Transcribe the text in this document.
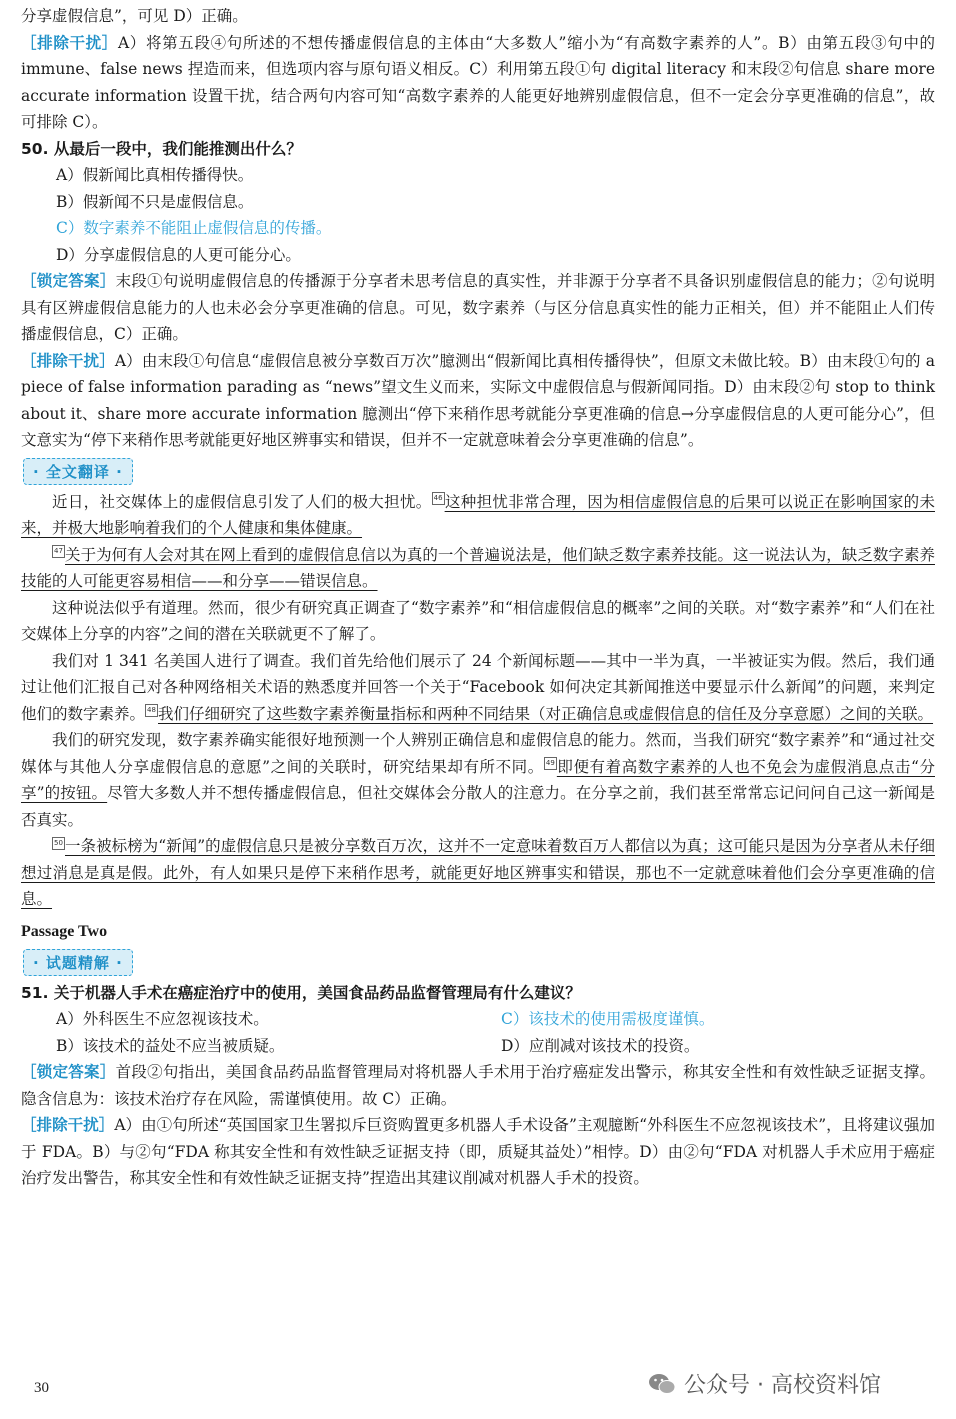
分享虚假信息”，可见 D）正确。

［排除干扰］A）将第五段④句所述的不想传播虚假信息的主体由“大多数人”缩小为“有高数字素养的人”。B）由第五段③句中的 immune、false news 捏造而来，但选项内容与原句语义相反。C）利用第五段①句 digital literacy 和末段②句信息 share more accurate information 设置干扰，结合两句内容可知“高数字素养的人能更好地辨别虚假信息，但不一定会分享更准确的信息”，故可排除 C）。

50. 从最后一段中，我们能推测出什么？
A）假新闻比真相传播得快。
B）假新闻不只是虚假信息。
C）数字素养不能阻止虚假信息的传播。
D）分享虚假信息的人更可能分心。

［锁定答案］末段①句说明虚假信息的传播源于分享者未思考信息的真实性，并非源于分享者不具备识别虚假信息的能力；②句说明具有区辨虚假信息能力的人也未必会分享更准确的信息。可见，数字素养（与区分信息真实性的能力正相关，但）并不能阻止人们传播虚假信息，C）正确。

［排除干扰］A）由末段①句信息“虚假信息被分享数百万次”臆测出“假新闻比真相传播得快”，但原文未做比较。B）由末段①句的 a piece of false information parading as “news”望文生义而来，实际文中虚假信息与假新闻同指。D）由末段②句 stop to think about it、share more accurate information 臆测出“停下来稍作思考就能分享更准确的信息→分享虚假信息的人更可能分心”，但文意实为“停下来稍作思考就能更好地区辨事实和错误，但并不一定就意味着会分享更准确的信息”。

· 全文翻译 ·

近日，社交媒体上的虚假信息引发了人们的极大担忧。 46 这种担忧非常合理，因为相信虚假信息的后果可以说正在影响国家的未来，并极大地影响着我们的个人健康和集体健康。

47 关于为何有人会对其在网上看到的虚假信息信以为真的一个普遍说法是，他们缺乏数字素养技能。这一说法认为，缺乏数字素养技能的人可能更容易相信——和分享——错误信息。

这种说法似乎有道理。然而，很少有研究真正调查了“数字素养”和“相信虚假信息的概率”之间的关联。对“数字素养”和“人们在社交媒体上分享的内容”之间的潜在关联就更不了解了。

我们对 1 341 名美国人进行了调查。我们首先给他们展示了 24 个新闻标题——其中一半为真，一半被证实为假。然后，我们通过让他们汇报自己对各种网络相关术语的熟悉度并回答一个关于“Facebook 如何决定其新闻推送中要显示什么新闻”的问题，来判定他们的数字素养。 48 我们仔细研究了这些数字素养衡量指标和两种不同结果（对正确信息或虚假信息的信任及分享意愿）之间的关联。

我们的研究发现，数字素养确实能很好地预测一个人辨别正确信息和虚假信息的能力。然而，当我们研究“数字素养”和“通过社交媒体与其他人分享虚假信息的意愿”之间的关联时，研究结果却有所不同。 49 即便有着高数字素养的人也不免会为虚假消息点击“分享”的按钮。尽管大多数人并不想传播虚假信息，但社交媒体会分散人的注意力。在分享之前，我们甚至常常忘记问问自己这一新闻是否真实。

50 一条被标榜为“新闻”的虚假信息只是被分享数百万次，这并不一定意味着数百万人都信以为真；这可能只是因为分享者从未仔细想过消息是真是假。此外，有人如果只是停下来稍作思考，就能更好地区辨事实和错误，那也不一定就意味着他们会分享更准确的信息。

Passage Two
· 试题精解 ·
51. 关于机器人手术在癌症治疗中的使用，美国食品药品监督管理局有什么建议？
A）外科医生不应忽视该技术。	C）该技术的使用需极度谨慎。
B）该技术的益处不应当被质疑。	D）应削减对该技术的投资。

［锁定答案］首段②句指出，美国食品药品监督管理局对将机器人手术用于治疗癌症发出警示，称其安全性和有效性缺乏证据支撑。隐含信息为：该技术治疗存在风险，需谨慎使用。故 C）正确。

［排除干扰］A）由①句所述“英国国家卫生署拟斥巨资购置更多机器人手术设备”主观臆断“外科医生不应忽视该技术”，且将建议强加于 FDA。B）与②句“FDA 称其安全性和有效性缺乏证据支持（即，质疑其益处）”相悖。D）由②句“FDA 对机器人手术应用于癌症治疗发出警告，称其安全性和有效性缺乏证据支持”捏造出其建议削减对机器人手术的投资。

30	公众号 · 高校资料馆
